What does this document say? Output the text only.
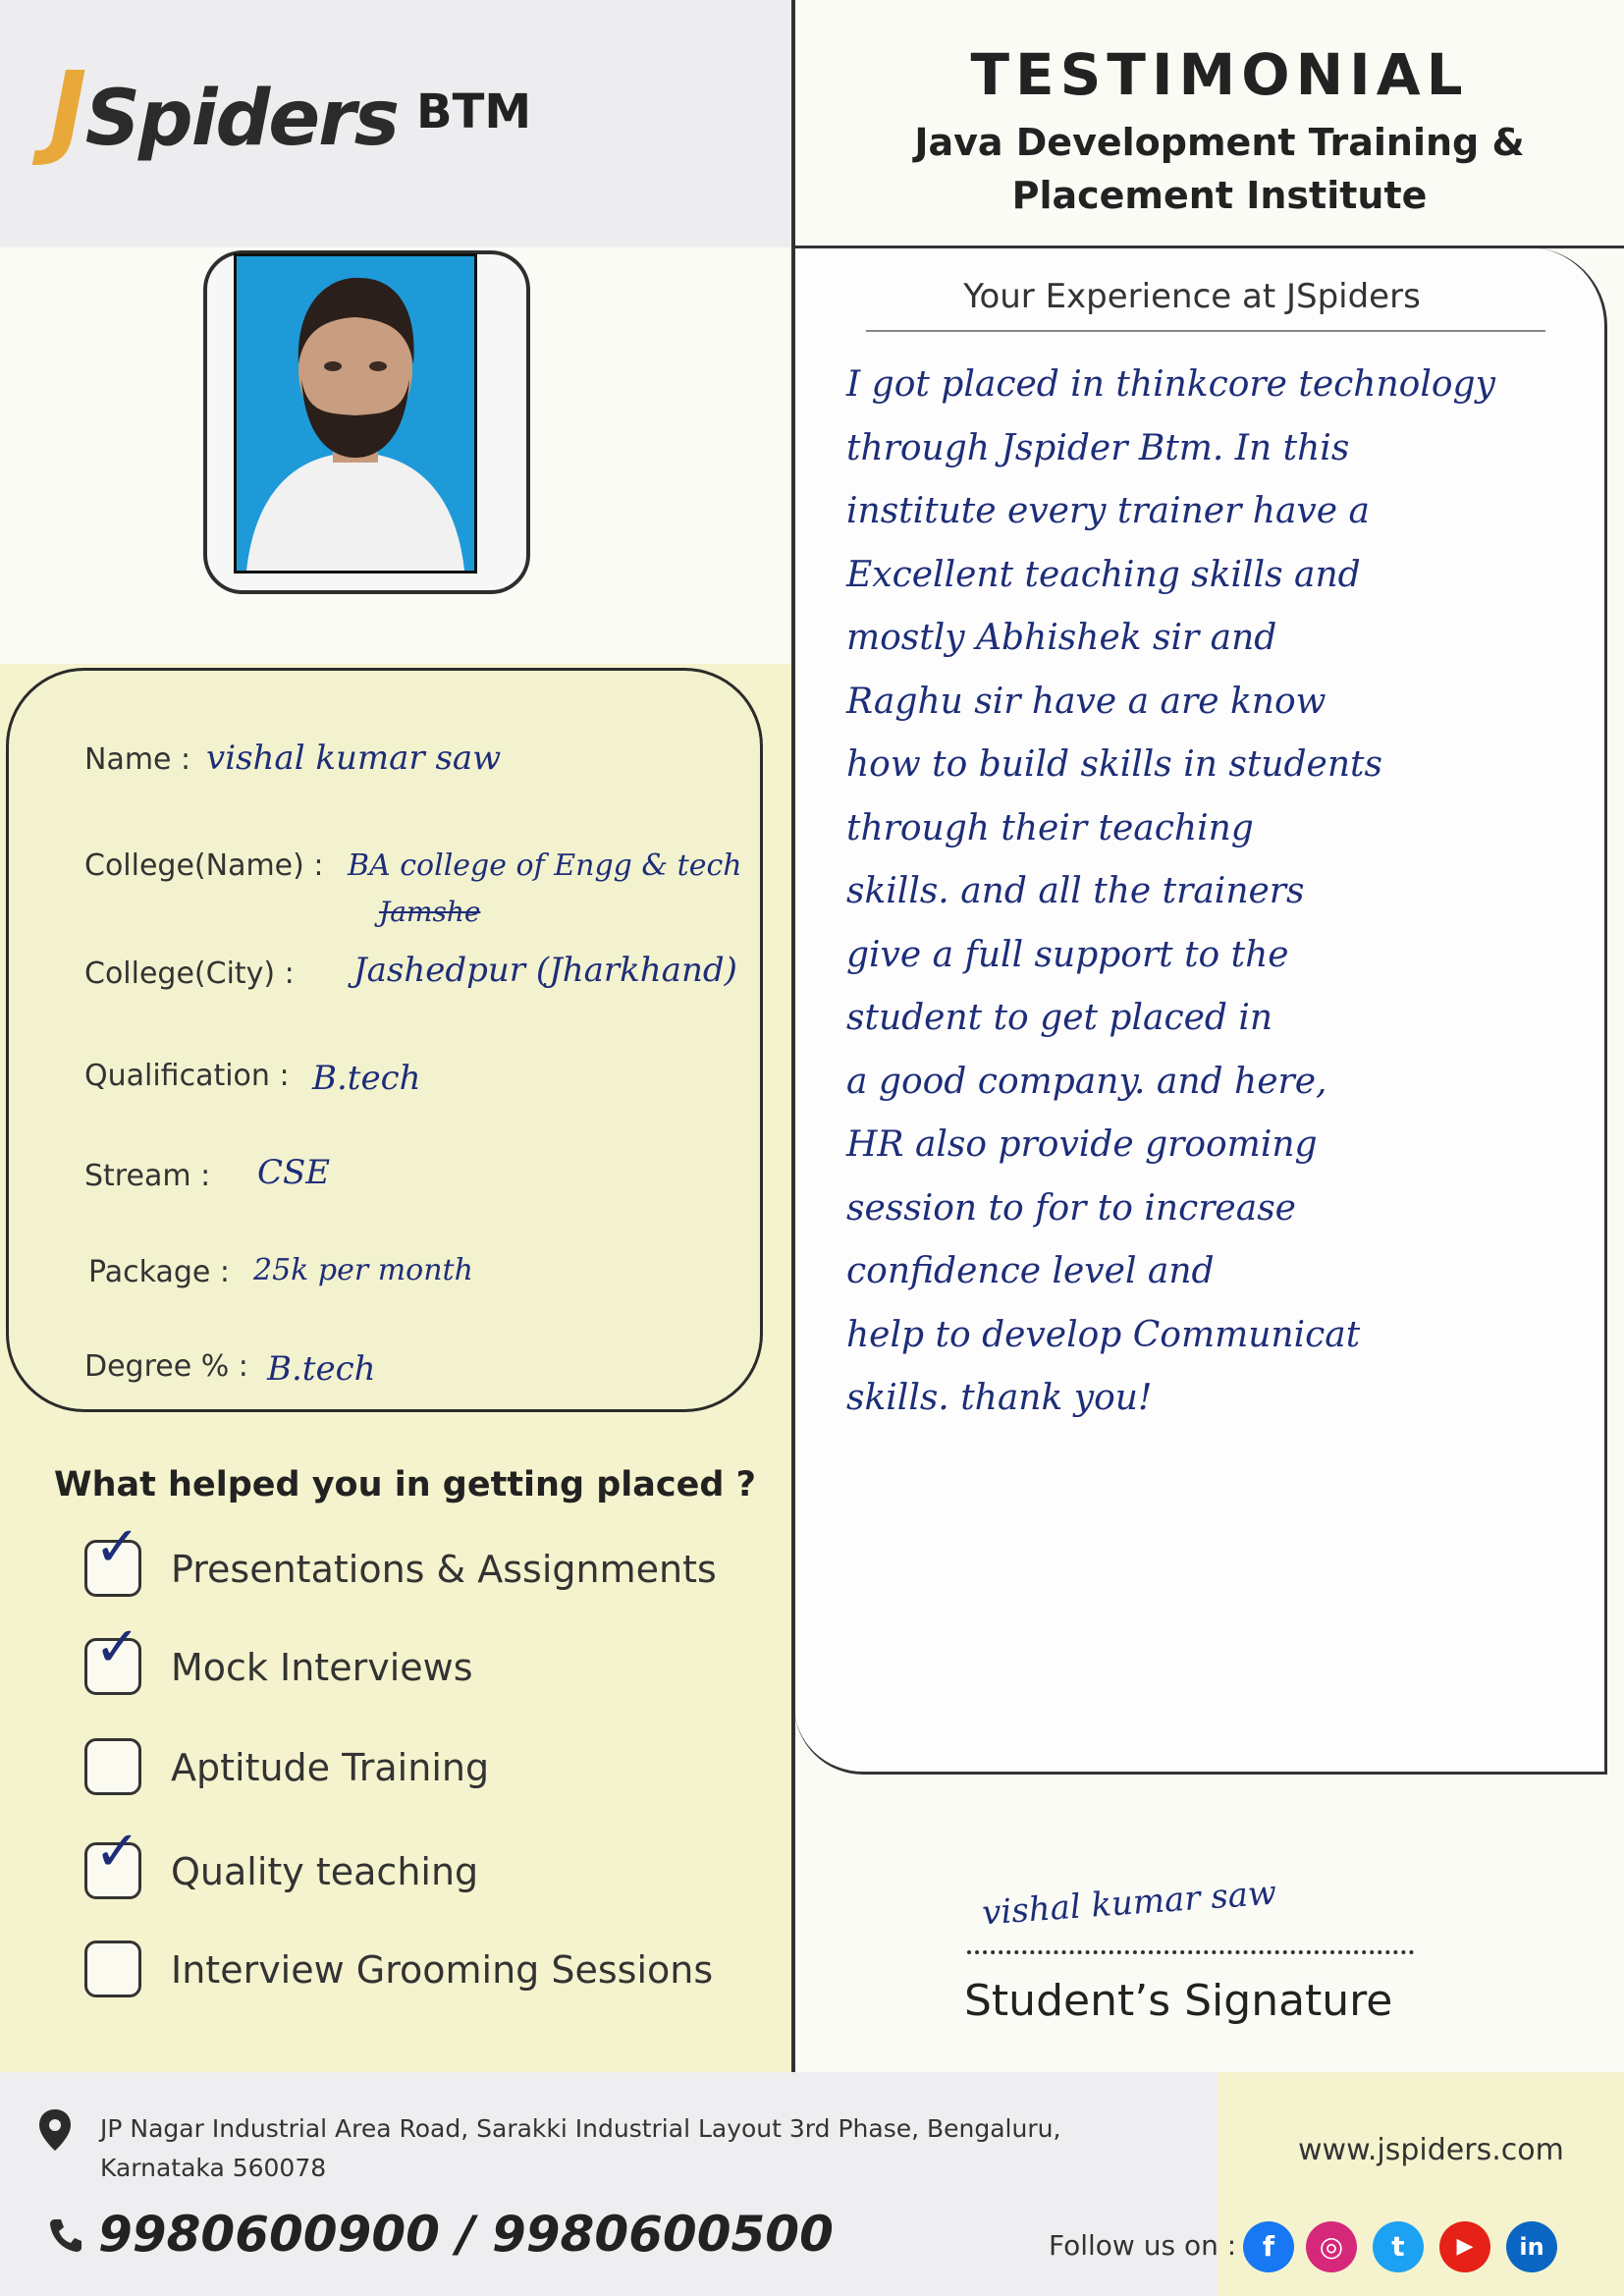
JSpiders BTM
TESTIMONIAL
Java Development Training &
Placement Institute
Name : vishal kumar saw
College(Name) : BA college of Engg & tech
Jamshe
College(City) : Jashedpur (Jharkhand)
Qualification : B.tech
Stream : CSE
Package : 25k per month
Degree % : B.tech
What helped you in getting placed ?
✓ Presentations & Assignments
✓ Mock Interviews
Aptitude Training
✓ Quality teaching
Interview Grooming Sessions
Your Experience at JSpiders
I got placed in thinkcore technology
through Jspider Btm. In this
institute every trainer have a
Excellent teaching skills and
mostly Abhishek sir and
Raghu sir have a are know
how to build skills in students
through their teaching
skills. and all the trainers
give a full support to the
student to get placed in
a good company. and here,
HR also provide grooming
session to for to increase
confidence level and
help to develop Communicat
skills. thank you!
vishal kumar saw
Student’s Signature
JP Nagar Industrial Area Road, Sarakki Industrial Layout 3rd Phase, Bengaluru,
Karnataka 560078
9980600900 / 9980600500
www.jspiders.com
Follow us on : f	◎	t	▶	in
